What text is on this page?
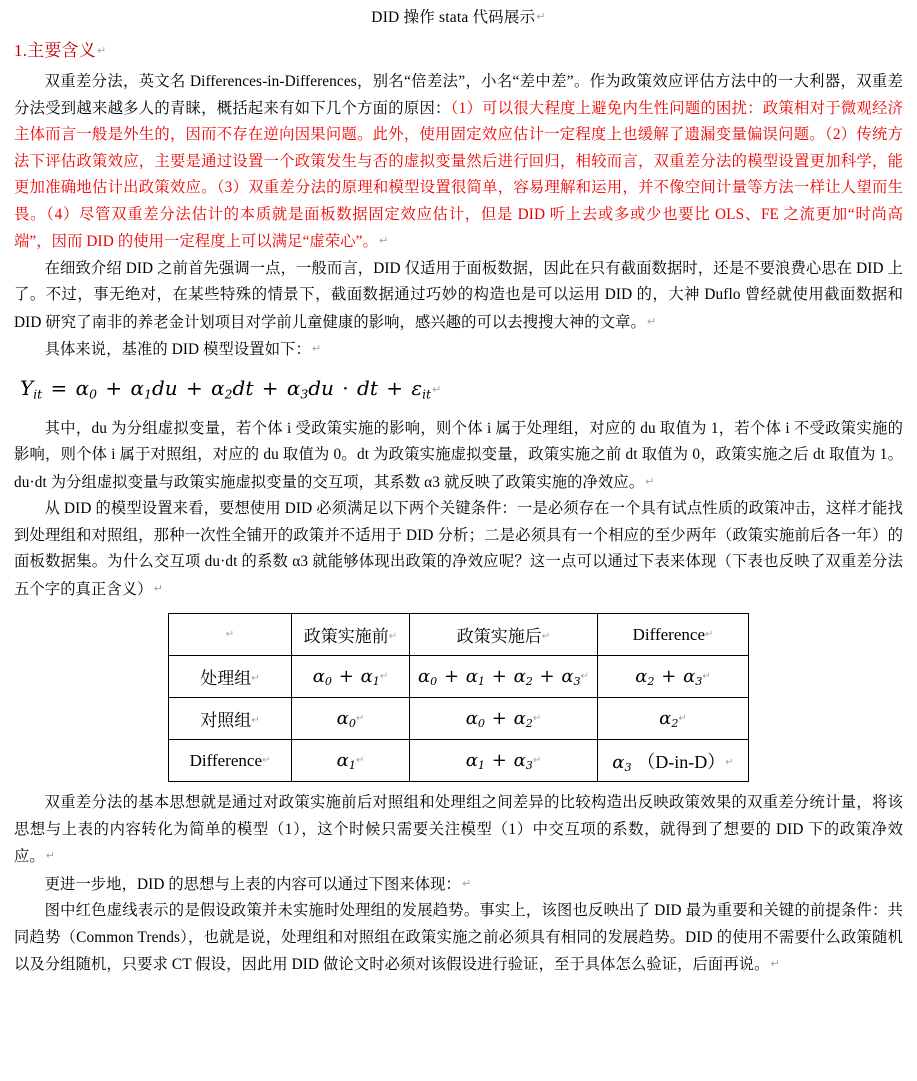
DID 操作 stata 代码展示↵
1.主要含义↵

双重差分法，英文名 Differences-in-Differences，别名“倍差法”，小名“差中差”。作为政策效应评估方法中的一大利器，双重差分法受到越来越多人的青睐，概括起来有如下几个方面的原因：（1）可以很大程度上避免内生性问题的困扰：政策相对于微观经济主体而言一般是外生的，因而不存在逆向因果问题。此外，使用固定效应估计一定程度上也缓解了遗漏变量偏误问题。（2）传统方法下评估政策效应，主要是通过设置一个政策发生与否的虚拟变量然后进行回归，相较而言，双重差分法的模型设置更加科学，能更加准确地估计出政策效应。（3）双重差分法的原理和模型设置很简单，容易理解和运用，并不像空间计量等方法一样让人望而生畏。（4）尽管双重差分法估计的本质就是面板数据固定效应估计，但是 DID 听上去或多或少也要比 OLS、FE 之流更加“时尚高端”，因而 DID 的使用一定程度上可以满足“虚荣心”。↵

在细致介绍 DID 之前首先强调一点，一般而言，DID 仅适用于面板数据，因此在只有截面数据时，还是不要浪费心思在 DID 上了。不过，事无绝对，在某些特殊的情景下，截面数据通过巧妙的构造也是可以运用 DID 的，大神 Duflo 曾经就使用截面数据和 DID 研究了南非的养老金计划项目对学前儿童健康的影响，感兴趣的可以去搜搜大神的文章。↵

具体来说，基准的 DID 模型设置如下：↵

$Y_{it} = \alpha_0 + \alpha_1du + \alpha_2dt + \alpha_3du$ · dt + $\varepsilon_{it}↵$

其中，du 为分组虚拟变量，若个体 i 受政策实施的影响，则个体 i 属于处理组，对应的 du 取值为 1，若个体 i 不受政策实施的影响，则个体 i 属于对照组，对应的 du 取值为 0。dt 为政策实施虚拟变量，政策实施之前 dt 取值为 0，政策实施之后 dt 取值为 1。du·dt 为分组虚拟变量与政策实施虚拟变量的交互项，其系数 α3 就反映了政策实施的净效应。↵

从 DID 的模型设置来看，要想使用 DID 必须满足以下两个关键条件：一是必须存在一个具有试点性质的政策冲击，这样才能找到处理组和对照组，那种一次性全铺开的政策并不适用于 DID 分析；二是必须具有一个相应的至少两年（政策实施前后各一年）的面板数据集。为什么交互项 du·dt 的系数 α3 就能够体现出政策的净效应呢？这一点可以通过下表来体现（下表也反映了双重差分法五个字的真正含义）↵

↵	政策实施前↵	政策实施后↵	Difference↵
处理组↵	$\alpha_0$ + $\alpha_1↵$	$\alpha_0 + \alpha_1 + \alpha_2$ + $\alpha_3↵$	$\alpha_2$ + $\alpha_3↵$
对照组↵	$\alpha_0↵$	$\alpha_0$ + $\alpha_2↵$	$\alpha_2↵$
Difference↵	$\alpha_1↵$	$\alpha_1$ + $\alpha_3↵$	$\alpha_3$ （D-in-D）↵

双重差分法的基本思想就是通过对政策实施前后对照组和处理组之间差异的比较构造出反映政策效果的双重差分统计量，将该思想与上表的内容转化为简单的模型（1），这个时候只需要关注模型（1）中交互项的系数，就得到了想要的 DID 下的政策净效应。↵

更进一步地，DID 的思想与上表的内容可以通过下图来体现：↵

图中红色虚线表示的是假设政策并未实施时处理组的发展趋势。事实上，该图也反映出了 DID 最为重要和关键的前提条件：共同趋势（Common Trends），也就是说，处理组和对照组在政策实施之前必须具有相同的发展趋势。DID 的使用不需要什么政策随机以及分组随机，只要求 CT 假设，因此用 DID 做论文时必须对该假设进行验证，至于具体怎么验证，后面再说。↵
